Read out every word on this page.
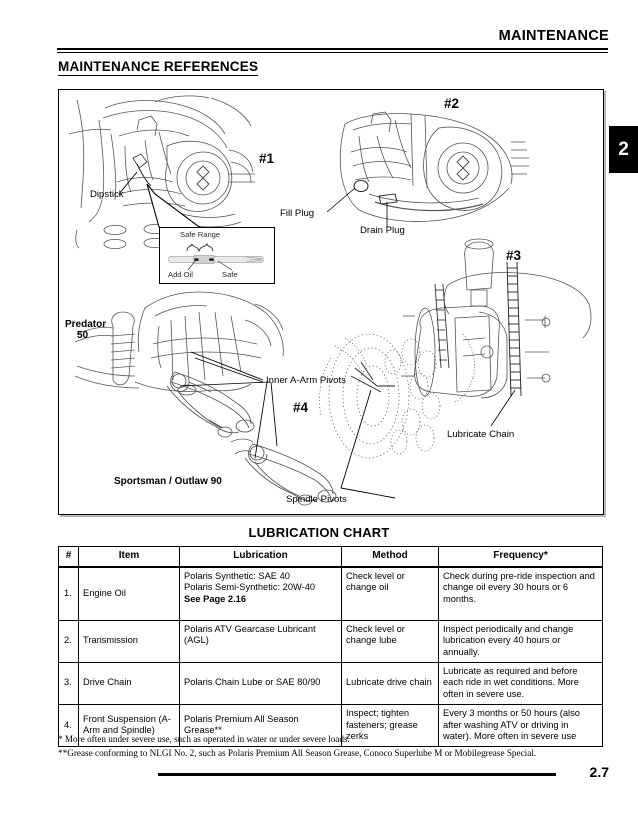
MAINTENANCE
MAINTENANCE REFERENCES
2
Safe Range
Add Oil	Safe
#1
Dipstick
#2
Fill Plug
Drain Plug
#3
Lubricate Chain
Predator
50
Inner A-Arm Pivots
#4
Sportsman / Outlaw 90
Spindle Pivots
LUBRICATION CHART
#	Item	Lubrication	Method	Frequency*
1.	Engine Oil	Polaris Synthetic: SAE 40
Polaris Semi-Synthetic: 20W-40
See Page 2.16	Check level or change oil	Check during pre-ride inspection and change oil every 30 hours or 6 months.
2.	Transmission	Polaris ATV Gearcase Lubricant (AGL)	Check level or change lube	Inspect periodically and change lubrication every 40 hours or annually.
3.	Drive Chain	Polaris Chain Lube or SAE 80/90	Lubricate drive chain	Lubricate as required and before each ride in wet conditions. More often in severe use.
4.	Front Suspension (A-Arm and Spindle)	Polaris Premium All Season Grease**	Inspect; tighten fasteners; grease zerks	Every 3 months or 50 hours (also after washing ATV or driving in water). More often in severe use
* More often under severe use, such as operated in water or under severe loads.
**Grease conforming to NLGI No. 2, such as Polaris Premium All Season Grease, Conoco Superlube M or Mobilegrease Special.
2.7
